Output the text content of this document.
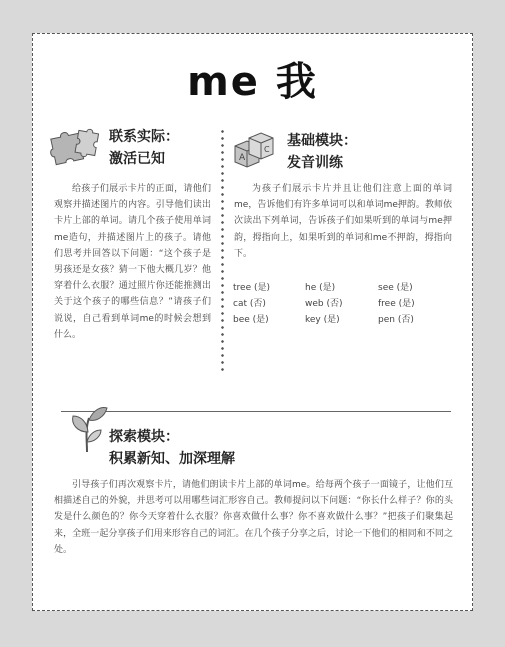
me 我
联系实际：
激活已知

给孩子们展示卡片的正面，请他们观察并描述图片的内容。引导他们读出卡片上部的单词。请几个孩子使用单词me造句，并描述图片上的孩子。请他们思考并回答以下问题：“这个孩子是男孩还是女孩？猜一下他大概几岁？他穿着什么衣服？通过照片你还能推测出关于这个孩子的哪些信息？”请孩子们说说，自己看到单词me的时候会想到什么。

A
C
基础模块：
发音训练

为孩子们展示卡片并且让他们注意上面的单词me，告诉他们有许多单词可以和单词me押韵。教师依次读出下列单词，告诉孩子们如果听到的单词与me押韵，拇指向上，如果听到的单词和me不押韵，拇指向下。

tree (是)	he (是)	see (是)
cat (否)	web (否)	free (是)
bee (是)	key (是)	pen (否)
探索模块：
积累新知、加深理解

引导孩子们再次观察卡片，请他们朗读卡片上部的单词me。给每两个孩子一面镜子，让他们互相描述自己的外貌，并思考可以用哪些词汇形容自己。教师提问以下问题：“你长什么样子？你的头发是什么颜色的？你今天穿着什么衣服？你喜欢做什么事？你不喜欢做什么事？”把孩子们聚集起来，全班一起分享孩子们用来形容自己的词汇。在几个孩子分享之后，讨论一下他们的相同和不同之处。
